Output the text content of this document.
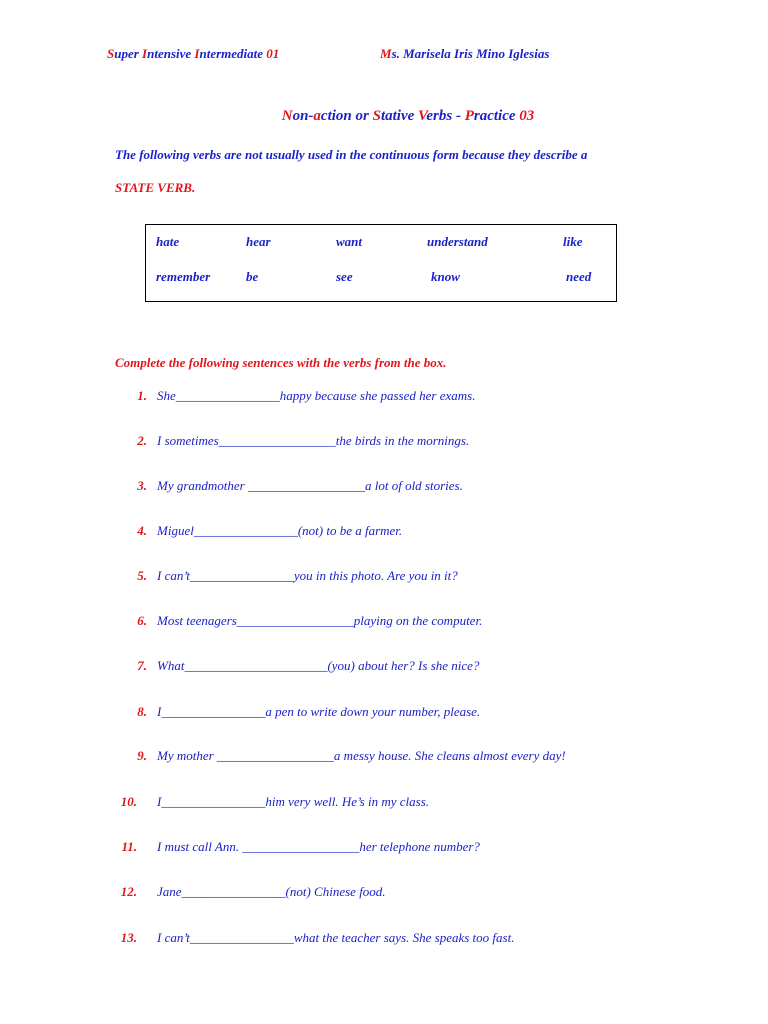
Super Intensive Intermediate 01	Ms. Marisela Iris Mino Iglesias
Non-action or Stative Verbs - Practice 03
The following verbs are not usually used in the continuous form because they describe a
STATE VERB.
hate	hear	want	understand	like
remember	be	see	know	need
Complete the following sentences with the verbs from the box.
1. She________________happy because she passed her exams.
2. I sometimes__________________the birds in the mornings.
3. My grandmother __________________a lot of old stories.
4. Miguel________________(not) to be a farmer.
5. I can’t________________you in this photo. Are you in it?
6. Most teenagers__________________playing on the computer.
7. What______________________(you) about her? Is she nice?
8. I________________a pen to write down your number, please.
9. My mother __________________a messy house. She cleans almost every day!
10. I________________him very well. He’s in my class.
11. I must call Ann. __________________her telephone number?
12. Jane________________(not) Chinese food.
13. I can’t________________what the teacher says. She speaks too fast.
